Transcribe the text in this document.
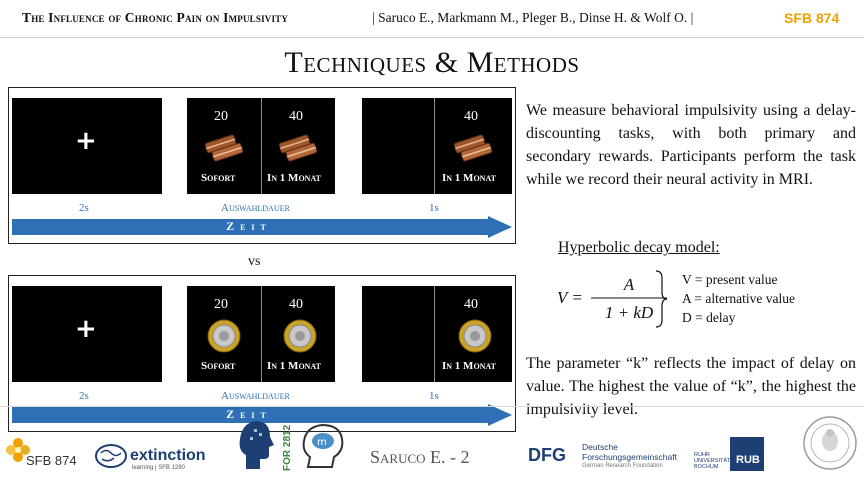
The Influence of Chronic Pain on Impulsivity	| Saruco E., Markmann M., Pleger B., Dinse H. & Wolf O. |	SFB 874
Techniques & Methods
+
20	40
Sofort	In 1 Monat
40
In 1 Monat
2s	Auswahldauer	1s
Zeit
vs
+
20	40
Sofort	In 1 Monat
40
In 1 Monat
2s	Auswahldauer	1s
Zeit
We measure behavioral impulsivity using a delay-discounting tasks, with both primary and secondary rewards. Participants perform the task while we record their neural activity in MRI.
Hyperbolic decay model:
V =
A
1 + kD
V = present value
A = alternative value
D = delay
The parameter “k” reflects the impact of delay on value. The highest the value of “k”, the highest the impulsivity level.
SFB 874	extinction
learning | SFB 1280	FOR 2812 m
Saruco E. - 2	DFG Deutsche
Forschungsgemeinschaft
German Research Foundation
RUHR
UNIVERSITÄT
BOCHUM
RUB
